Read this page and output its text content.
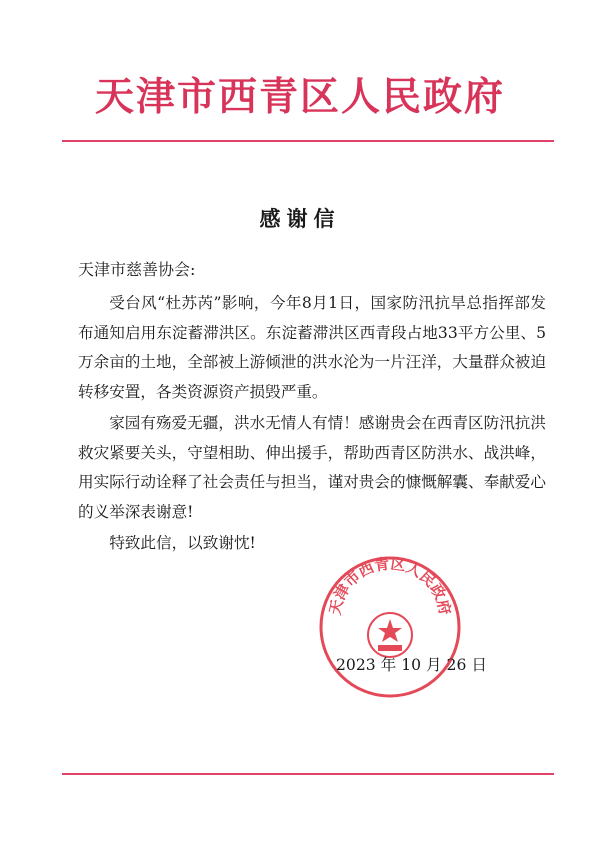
天津市西青区人民政府
感谢信
天津市慈善协会:

受台风“杜苏芮”影响，今年8月1日，国家防汛抗旱总指挥部发布通知启用东淀蓄滞洪区。东淀蓄滞洪区西青段占地33平方公里、5万余亩的土地，全部被上游倾泄的洪水沦为一片汪洋，大量群众被迫转移安置，各类资源资产损毁严重。

家园有殇爱无疆，洪水无情人有情！感谢贵会在西青区防汛抗洪救灾紧要关头，守望相助、伸出援手，帮助西青区防洪水、战洪峰，用实际行动诠释了社会责任与担当，谨对贵会的慷慨解囊、奉献爱心的义举深表谢意!

特致此信，以致谢忱!

天津市西青区人民政府
2023 年 10 月 26 日
